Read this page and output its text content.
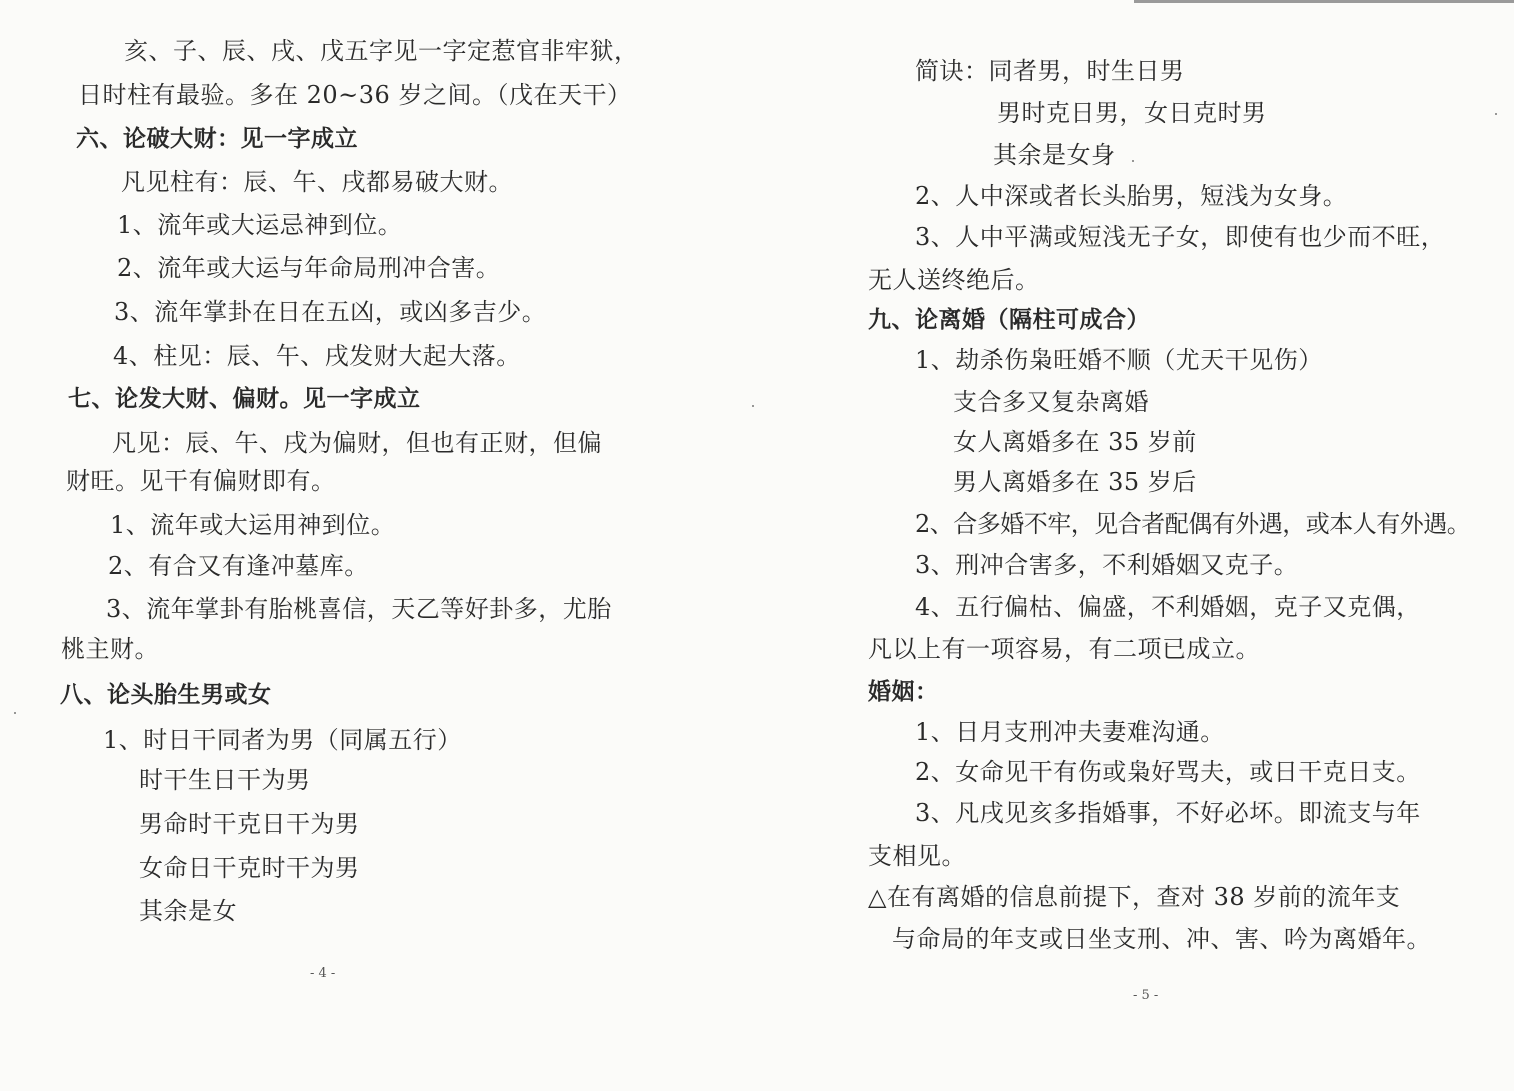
亥、子、辰、戌、戊五字见一字定惹官非牢狱，
日时柱有最验。多在 20~36 岁之间。（戊在天干）
六、论破大财：见一字成立
凡见柱有：辰、午、戌都易破大财。
1、流年或大运忌神到位。
2、流年或大运与年命局刑冲合害。
3、流年掌卦在日在五凶，或凶多吉少。
4、柱见：辰、午、戌发财大起大落。
七、论发大财、偏财。见一字成立
凡见：辰、午、戌为偏财，但也有正财，但偏
财旺。见干有偏财即有。
1、流年或大运用神到位。
2、有合又有逢冲墓库。
3、流年掌卦有胎桃喜信，天乙等好卦多，尤胎
桃主财。
八、论头胎生男或女
1、时日干同者为男（同属五行）
时干生日干为男
男命时干克日干为男
女命日干克时干为男
其余是女
- 4 -
简诀：同者男，时生日男
男时克日男，女日克时男
其余是女身
2、人中深或者长头胎男，短浅为女身。
3、人中平满或短浅无子女，即使有也少而不旺，
无人送终绝后。
九、论离婚（隔柱可成合）
1、劫杀伤枭旺婚不顺（尤天干见伤）
支合多又复杂离婚
女人离婚多在 35 岁前
男人离婚多在 35 岁后
2、合多婚不牢，见合者配偶有外遇，或本人有外遇。
3、刑冲合害多，不利婚姻又克子。
4、五行偏枯、偏盛，不利婚姻，克子又克偶，
凡以上有一项容易，有二项已成立。
婚姻：
1、日月支刑冲夫妻难沟通。
2、女命见干有伤或枭好骂夫，或日干克日支。
3、凡戌见亥多指婚事，不好必坏。即流支与年
支相见。
△在有离婚的信息前提下，查对 38 岁前的流年支
与命局的年支或日坐支刑、冲、害、吟为离婚年。
- 5 -
